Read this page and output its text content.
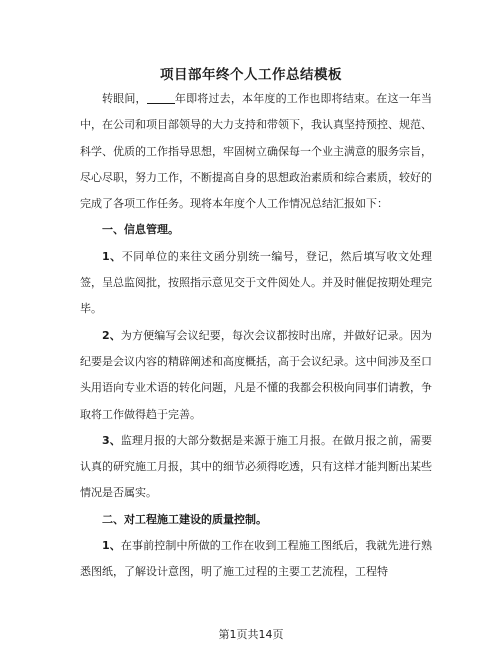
项目部年终个人工作总结模板

转眼间，	年即将过去，本年度的工作也即将结束。在这一年当中，在公司和项目部领导的大力支持和带领下，我认真坚持预控、规范、科学、优质的工作指导思想，牢固树立确保每一个业主满意的服务宗旨，尽心尽职，努力工作，不断提高自身的思想政治素质和综合素质，较好的完成了各项工作任务。现将本年度个人工作情况总结汇报如下：

一、信息管理。

1、不同单位的来往文函分别统一编号，登记，然后填写收文处理签，呈总监阅批，按照指示意见交于文件阅处人。并及时催促按期处理完毕。

2、为方便编写会议纪要，每次会议都按时出席，并做好记录。因为纪要是会议内容的精辟阐述和高度概括，高于会议纪录。这中间涉及至口头用语向专业术语的转化问题，凡是不懂的我都会积极向同事们请教，争取将工作做得趋于完善。

3、监理月报的大部分数据是来源于施工月报。在做月报之前，需要认真的研究施工月报，其中的细节必须得吃透，只有这样才能判断出某些情况是否属实。

二、对工程施工建设的质量控制。

1、在事前控制中所做的工作在收到工程施工图纸后，我就先进行熟悉图纸，了解设计意图，明了施工过程的主要工艺流程，工程特

第1页共14页
